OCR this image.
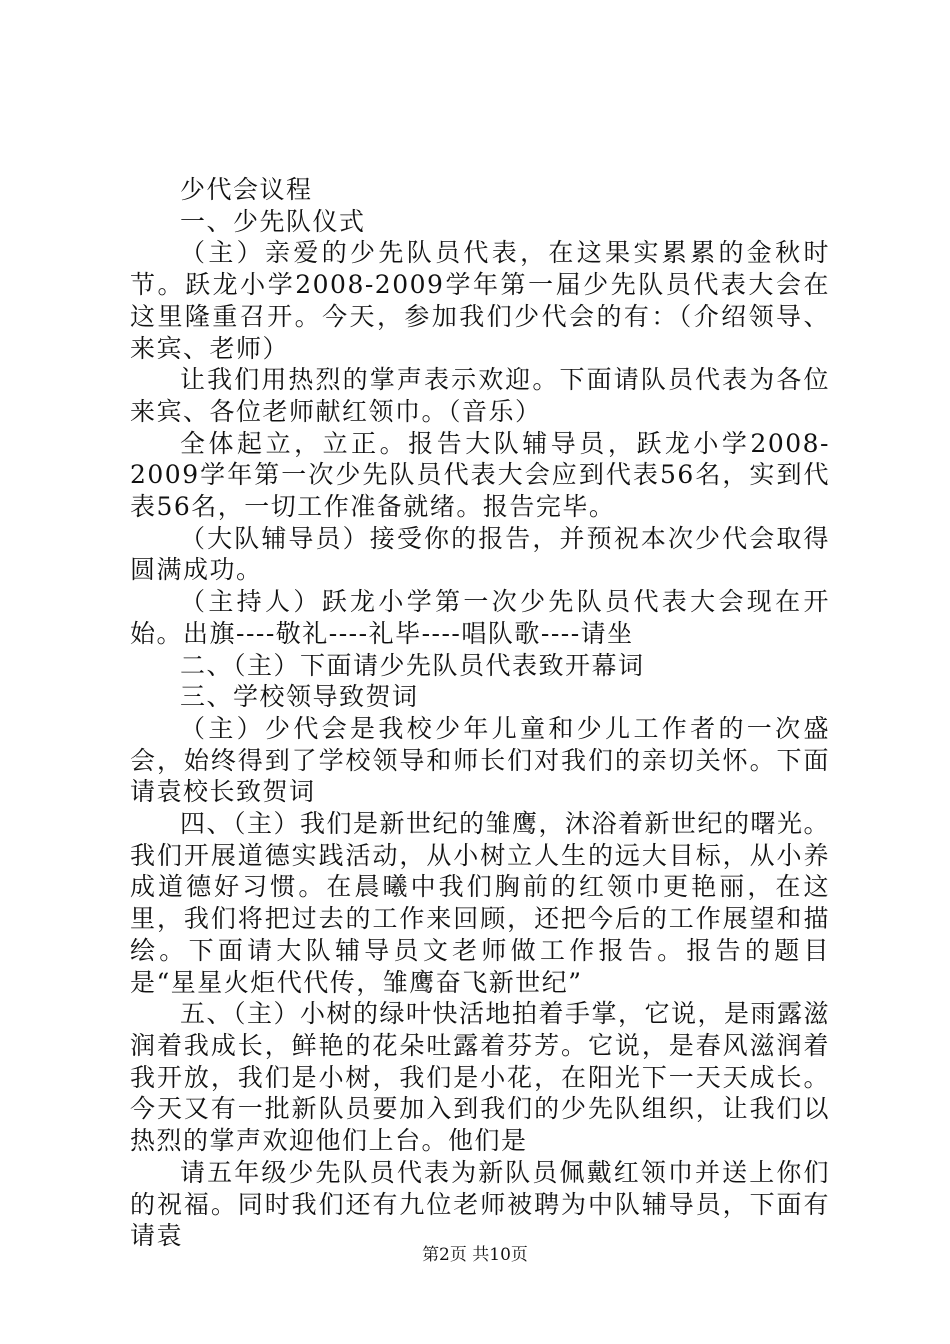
少代会议程

一、少先队仪式

（主）亲爱的少先队员代表，在这果实累累的金秋时节。跃龙小学2008-2009学年第一届少先队员代表大会在这里隆重召开。今天，参加我们少代会的有：（介绍领导、来宾、老师）

让我们用热烈的掌声表示欢迎。下面请队员代表为各位来宾、各位老师献红领巾。（音乐）

全体起立，立正。报告大队辅导员，跃龙小学2008-2009学年第一次少先队员代表大会应到代表56名，实到代表56名，一切工作准备就绪。报告完毕。

（大队辅导员）接受你的报告，并预祝本次少代会取得圆满成功。

（主持人）跃龙小学第一次少先队员代表大会现在开始。出旗----敬礼----礼毕----唱队歌----请坐

二、（主）下面请少先队员代表致开幕词

三、学校领导致贺词

（主）少代会是我校少年儿童和少儿工作者的一次盛会，始终得到了学校领导和师长们对我们的亲切关怀。下面请袁校长致贺词

四、（主）我们是新世纪的雏鹰，沐浴着新世纪的曙光。我们开展道德实践活动，从小树立人生的远大目标，从小养成道德好习惯。在晨曦中我们胸前的红领巾更艳丽，在这里，我们将把过去的工作来回顾，还把今后的工作展望和描绘。下面请大队辅导员文老师做工作报告。报告的题目是“星星火炬代代传，雏鹰奋飞新世纪”

五、（主）小树的绿叶快活地拍着手掌，它说，是雨露滋润着我成长，鲜艳的花朵吐露着芬芳。它说，是春风滋润着我开放，我们是小树，我们是小花，在阳光下一天天成长。今天又有一批新队员要加入到我们的少先队组织，让我们以热烈的掌声欢迎他们上台。他们是

请五年级少先队员代表为新队员佩戴红领巾并送上你们的祝福。同时我们还有九位老师被聘为中队辅导员，下面有请袁

第2页 共10页
